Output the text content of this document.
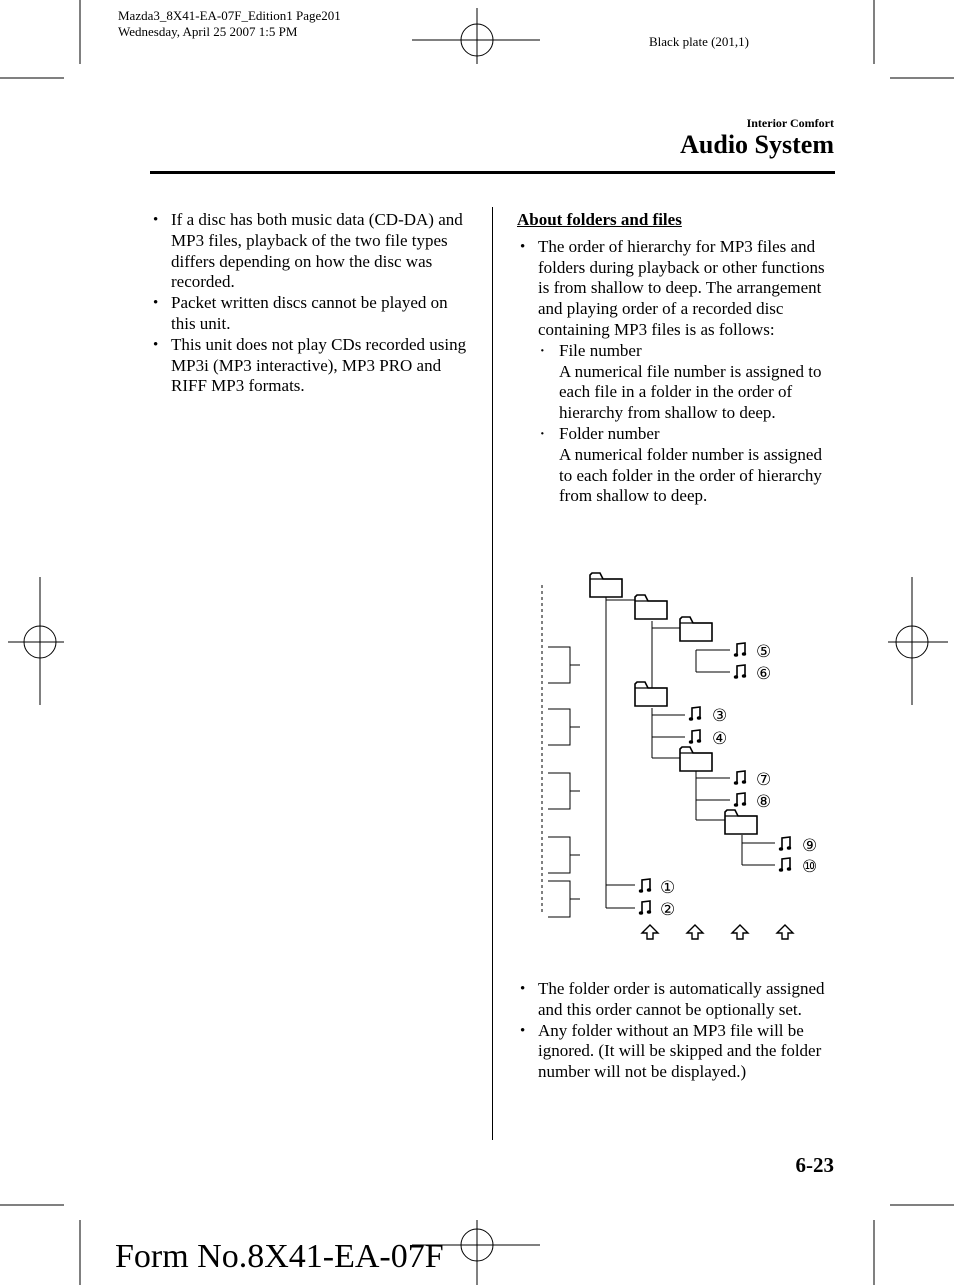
Mazda3_8X41-EA-07F_Edition1 Page201
Wednesday, April 25 2007 1:5 PM
Black plate (201,1)
Interior Comfort
Audio System
• If a disc has both music data (CD-DA) and MP3 files, playback of the two file types differs depending on how the disc was recorded.
• Packet written discs cannot be played on this unit.
• This unit does not play CDs recorded using MP3i (MP3 interactive), MP3 PRO and RIFF MP3 formats.
About folders and files
• The order of hierarchy for MP3 files and folders during playback or other functions is from shallow to deep. The arrangement and playing order of a recorded disc containing MP3 files is as follows:
· File number
A numerical file number is assigned to each file in a folder in the order of hierarchy from shallow to deep.
· Folder number
A numerical folder number is assigned to each folder in the order of hierarchy from shallow to deep.
• The folder order is automatically assigned and this order cannot be optionally set.
• Any folder without an MP3 file will be ignored. (It will be skipped and the folder number will not be displayed.)
6-23
Form No.8X41-EA-07F
⑤
⑥
③
④
⑦
⑧
⑨
⑩
①
②
